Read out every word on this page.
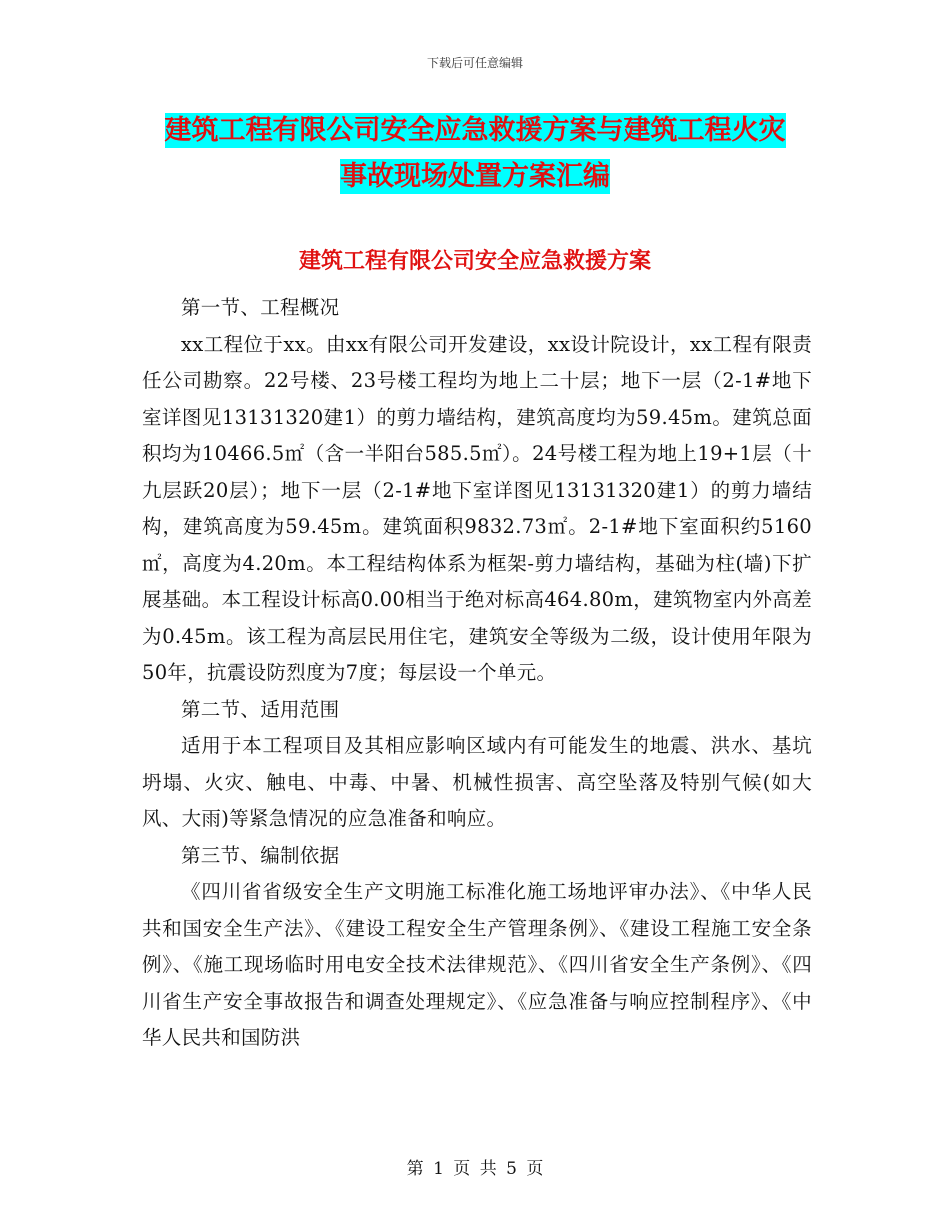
下载后可任意编辑
建筑工程有限公司安全应急救援方案与建筑工程火灾
事故现场处置方案汇编
建筑工程有限公司安全应急救援方案

第一节、工程概况

xx工程位于xx。由xx有限公司开发建设，xx设计院设计，xx工程有限责任公司勘察。22号楼、23号楼工程均为地上二十层；地下一层（2-1#地下室详图见13131320建1）的剪力墙结构，建筑高度均为59.45m。建筑总面积均为10466.5㎡（含一半阳台585.5㎡）。24号楼工程为地上19+1层（十九层跃20层）；地下一层（2-1#地下室详图见13131320建1）的剪力墙结构，建筑高度为59.45m。建筑面积9832.73㎡。2-1#地下室面积约5160㎡，高度为4.20m。本工程结构体系为框架-剪力墙结构，基础为柱(墙)下扩展基础。本工程设计标高0.00相当于绝对标高464.80m，建筑物室内外高差为0.45m。该工程为高层民用住宅，建筑安全等级为二级，设计使用年限为50年，抗震设防烈度为7度；每层设一个单元。

第二节、适用范围

适用于本工程项目及其相应影响区域内有可能发生的地震、洪水、基坑坍塌、火灾、触电、中毒、中暑、机械性损害、高空坠落及特别气候(如大风、大雨)等紧急情况的应急准备和响应。

第三节、编制依据

《四川省省级安全生产文明施工标准化施工场地评审办法》、《中华人民共和国安全生产法》、《建设工程安全生产管理条例》、《建设工程施工安全条例》、《施工现场临时用电安全技术法律规范》、《四川省安全生产条例》、《四川省生产安全事故报告和调查处理规定》、《应急准备与响应控制程序》、《中华人民共和国防洪

第 1 页 共 5 页
